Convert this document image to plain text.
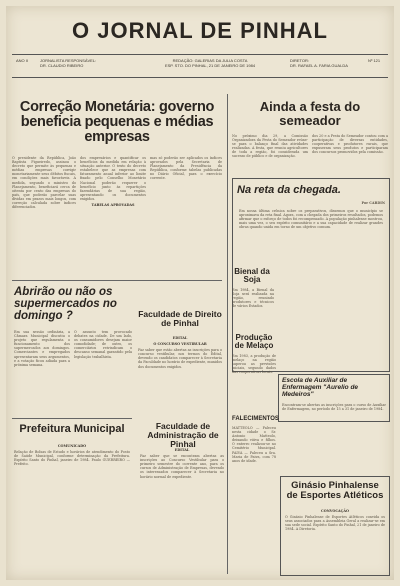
O JORNAL DE PINHAL
ANO II	JORNALISTA RESPONSÁVEL:
DR. CLAUDIO RIBEIRO
REDAÇÃO: GALERIAS DA JULIA COSTA
ESP. STO. DO PINHAL, 21 DE JANEIRO DE 1984
DIRETOR:
DR. RAFAEL A. FARIA GUALDA
Nº 121
Correção Monetária: governo beneficia pequenas e médias empresas
O presidente da República, João Baptista Figueiredo, assinou o decreto que permite às pequenas e médias empresas corrigir monetariamente seus débitos fiscais, em condições mais favoráveis. A medida, segundo o ministro do Planejamento, beneficiará cerca de oitenta por cento das empresas do país, que poderão parcelar suas dívidas em prazos mais longos, com correção calculada sobre índices diferenciados.
dos empresários e quantificar os benefícios da medida em relação à situação anterior. O texto do decreto estabelece que as empresas com faturamento anual inferior ao limite fixado pelo Conselho Monetário Nacional poderão requerer o benefício junto às repartições fazendárias de sua região, apresentando os documentos exigidos.
TABELAS APROVADAS
mas só poderão ser aplicados os índices aprovados pela Secretaria de Planejamento da Presidência da República, conforme tabelas publicadas no Diário Oficial, para o exercício corrente.
Ainda a festa do semeador
No próximo dia 29, a Comissão Organizadora da Festa do Semeador reúne-se para o balanço final das atividades realizadas. A festa, que reuniu agricultores de toda a região, foi considerada um sucesso de público e de organização.
dos 20 e a Festa do Semeador contou com a participação de diversas entidades, cooperativas e produtores rurais, que expuseram seus produtos e participaram dos concursos promovidos pela comissão.
Na reta da chegada.
Por CARDIN
Em nossa última crônica sobre os preparativos, dissemos que o município se aproximava da reta final. Agora, com a chegada dos primeiros resultados, podemos afirmar que o esforço de todos foi recompensado. A população pinhalense mostrou, mais uma vez, o seu espírito comunitário e a sua capacidade de realizar grandes obras quando unida em torno de um objetivo comum.
Abrirão ou não os supermercados no domingo ?
Em sua sessão ordinária, a Câmara Municipal discutiu o projeto que regulamenta o funcionamento dos supermercados aos domingos. Comerciantes e empregados apresentaram seus argumentos, e a votação ficou adiada para a próxima semana.
O assunto tem provocado debates na cidade. De um lado, os consumidores desejam maior comodidade; de outro, os comerciários reivindicam o descanso semanal garantido pela legislação trabalhista.
Faculdade de Direito de Pinhal
EDITAL
O CONCURSO VESTIBULAR
Faz saber que estão abertas as inscrições para o concurso vestibular, nos termos do Edital, devendo os candidatos comparecer à Secretaria da Faculdade no horário de expediente, munidos dos documentos exigidos.
Bienal da Soja
Em 1984, a Bienal da Soja será realizada na região, reunindo produtores e técnicos de vários Estados.
Produção de Melaço
Em 1983, a produção de melaço na região superou as previsões iniciais, segundo dados das cooperativas locais.
Prefeitura Municipal
COMUNICADO
Relação de Bolsas de Estudo e horários de atendimento do Posto de Saúde Municipal, conforme determinação da Prefeitura. Espírito Santo do Pinhal, janeiro de 1984. Paulo GUERREIRO — Prefeito.
Faculdade de Administração de Pinhal
EDITAL
Faz saber que se encontram abertas as inscrições ao Concurso Vestibular para o primeiro semestre do corrente ano, para os cursos de Administração de Empresas, devendo os interessados comparecer à Secretaria no horário normal de expediente.
Escola de Auxiliar de Enfermagem "Aurelio de Medeiros"
Encontram-se abertas as inscrições para o curso de Auxiliar de Enfermagem, no período de 15 a 31 de janeiro de 1984.
FALECIMENTOS
MATTEOLO — Faleceu nesta cidade o Sr. Antonio Matteolo, deixando viúva e filhos. O enterro realizou-se no Cemitério Municipal. PAIVA — Faleceu a Sra. Maria de Paiva, com 78 anos de idade.
Ginásio Pinhalense de Esportes Atléticos
CONVOCAÇÃO
O Ginásio Pinhalense de Esportes Atléticos convida os seus associados para a Assembleia Geral a realizar-se em sua sede social. Espírito Santo do Pinhal, 21 de janeiro de 1984. A Diretoria.
